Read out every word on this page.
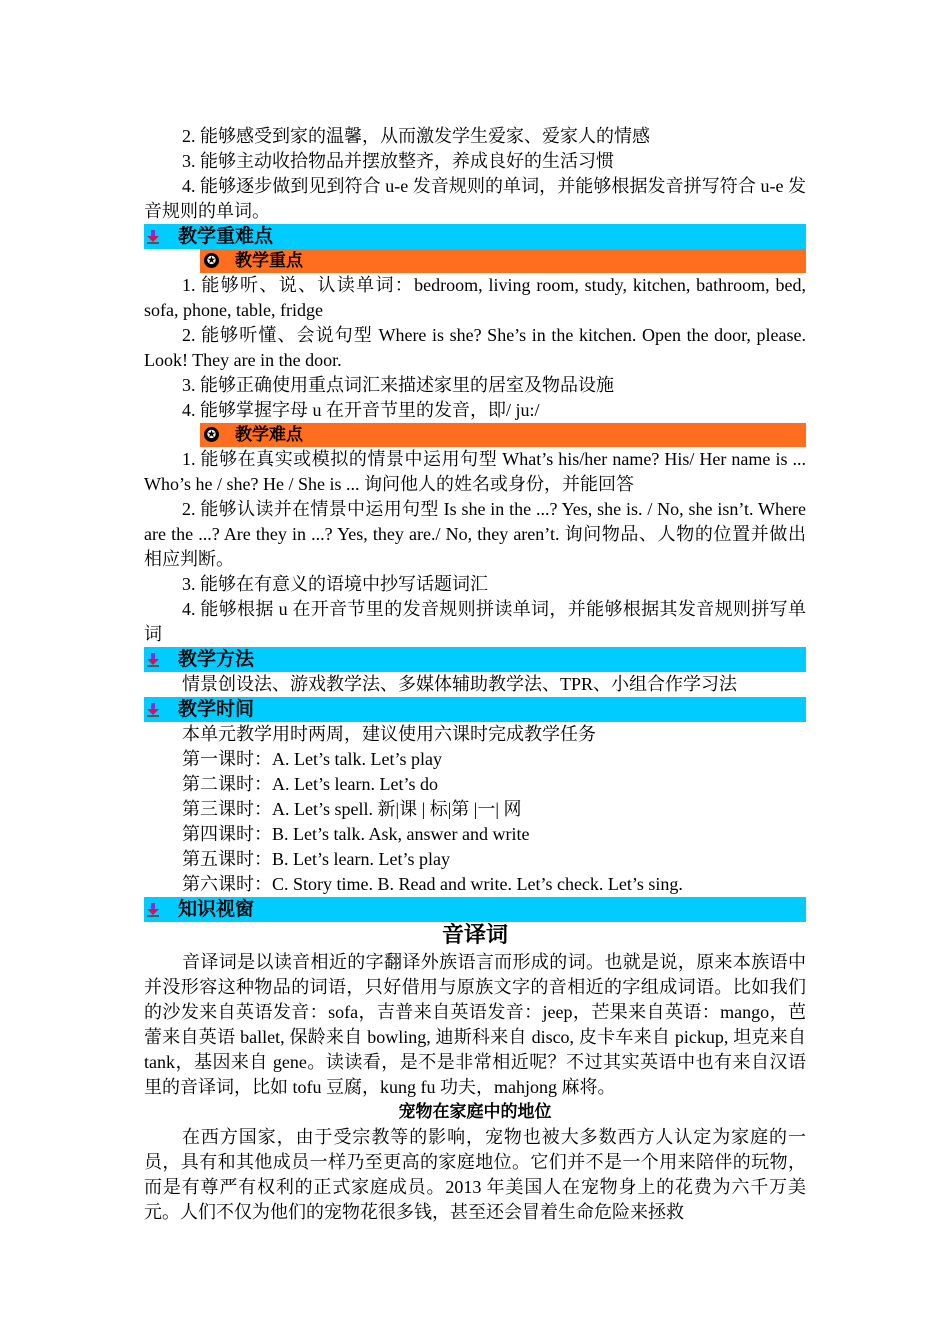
2. 能够感受到家的温馨，从而激发学生爱家、爱家人的情感

3. 能够主动收拾物品并摆放整齐，养成良好的生活习惯

4. 能够逐步做到见到符合 u-e 发音规则的单词，并能够根据发音拼写符合 u-e 发音规则的单词。

教学重难点
✪ 教学重点

1. 能够听、说、认读单词：bedroom, living room, study, kitchen, bathroom, bed, sofa, phone, table, fridge

2. 能够听懂、会说句型 Where is she? She’s in the kitchen. Open the door, please. Look! They are in the door.

3. 能够正确使用重点词汇来描述家里的居室及物品设施

4. 能够掌握字母 u 在开音节里的发音，即/ ju:/

✪ 教学难点

1. 能够在真实或模拟的情景中运用句型 What’s his/her name? His/ Her name is ... Who’s he / she? He / She is ... 询问他人的姓名或身份，并能回答

2. 能够认读并在情景中运用句型 Is she in the ...? Yes, she is. / No, she isn’t. Where are the ...? Are they in ...? Yes, they are./ No, they aren’t. 询问物品、人物的位置并做出相应判断。

3. 能够在有意义的语境中抄写话题词汇

4. 能够根据 u 在开音节里的发音规则拼读单词，并能够根据其发音规则拼写单词

教学方法

情景创设法、游戏教学法、多媒体辅助教学法、TPR、小组合作学习法

教学时间

本单元教学用时两周，建议使用六课时完成教学任务

第一课时：A. Let’s talk. Let’s play

第二课时：A. Let’s learn. Let’s do

第三课时：A. Let’s spell. 新|课 | 标|第 |一| 网

第四课时：B. Let’s talk. Ask, answer and write

第五课时：B. Let’s learn. Let’s play

第六课时：C. Story time. B. Read and write. Let’s check. Let’s sing.

知识视窗

音译词

音译词是以读音相近的字翻译外族语言而形成的词。也就是说，原来本族语中并没形容这种物品的词语，只好借用与原族文字的音相近的字组成词语。比如我们的沙发来自英语发音：sofa，吉普来自英语发音：jeep，芒果来自英语：mango，芭蕾来自英语 ballet, 保龄来自 bowling, 迪斯科来自 disco, 皮卡车来自 pickup, 坦克来自 tank，基因来自 gene。读读看，是不是非常相近呢？不过其实英语中也有来自汉语里的音译词，比如 tofu 豆腐，kung fu 功夫，mahjong 麻将。

宠物在家庭中的地位

在西方国家，由于受宗教等的影响，宠物也被大多数西方人认定为家庭的一员，具有和其他成员一样乃至更高的家庭地位。它们并不是一个用来陪伴的玩物，而是有尊严有权利的正式家庭成员。2013 年美国人在宠物身上的花费为六千万美元。人们不仅为他们的宠物花很多钱，甚至还会冒着生命危险来拯救
